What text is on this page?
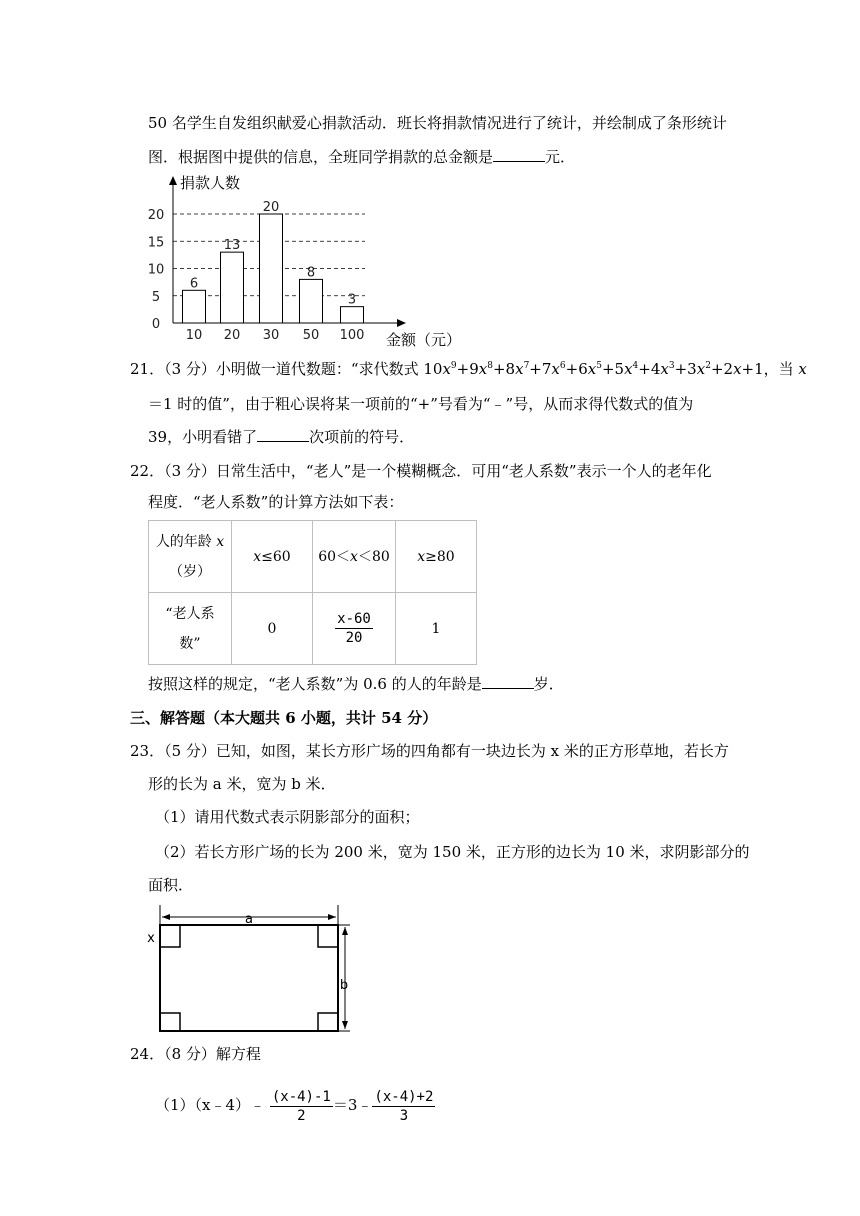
50 名学生自发组织献爱心捐款活动．班长将捐款情况进行了统计，并绘制成了条形统计
图．根据图中提供的信息，全班同学捐款的总金额是	元．
0
5
10
15
20
捐款人数
金额（元）
6
10
13
20
20
30
8
50
3
100
21．（3 分）小明做一道代数题：“求代数式 $10x^9+9x^8+8x^7+7x^6+6x^5+5x^4+4x^3+3x^2+2x+1$，当 x
＝1 时的值”，由于粗心误将某一项前的“+”号看为“﹣”号，从而求得代数式的值为
39，小明看错了	次项前的符号．
22．（3 分）日常生活中，“老人”是一个模糊概念．可用“老人系数”表示一个人的老年化
程度．“老人系数”的计算方法如下表：
人的年龄 x
（岁）	x≤60	60＜x＜80	x≥80
“老人系
数”	0	$\frac{x-60}{20}$	1
按照这样的规定，“老人系数”为 0.6 的人的年龄是	岁．
三、解答题（本大题共 6 小题，共计 54 分）
23．（5 分）已知，如图，某长方形广场的四角都有一块边长为 x 米的正方形草地，若长方
形的长为 a 米，宽为 b 米．
（1）请用代数式表示阴影部分的面积；
（2）若长方形广场的长为 200 米，宽为 150 米，正方形的边长为 10 米，求阴影部分的
面积．
a
x
b
24．（8 分）解方程
（1）（x﹣4）﹣ $\frac{(x-4)-1}{2}$ ＝3﹣ $\frac{(x-4)+2}{3}$
